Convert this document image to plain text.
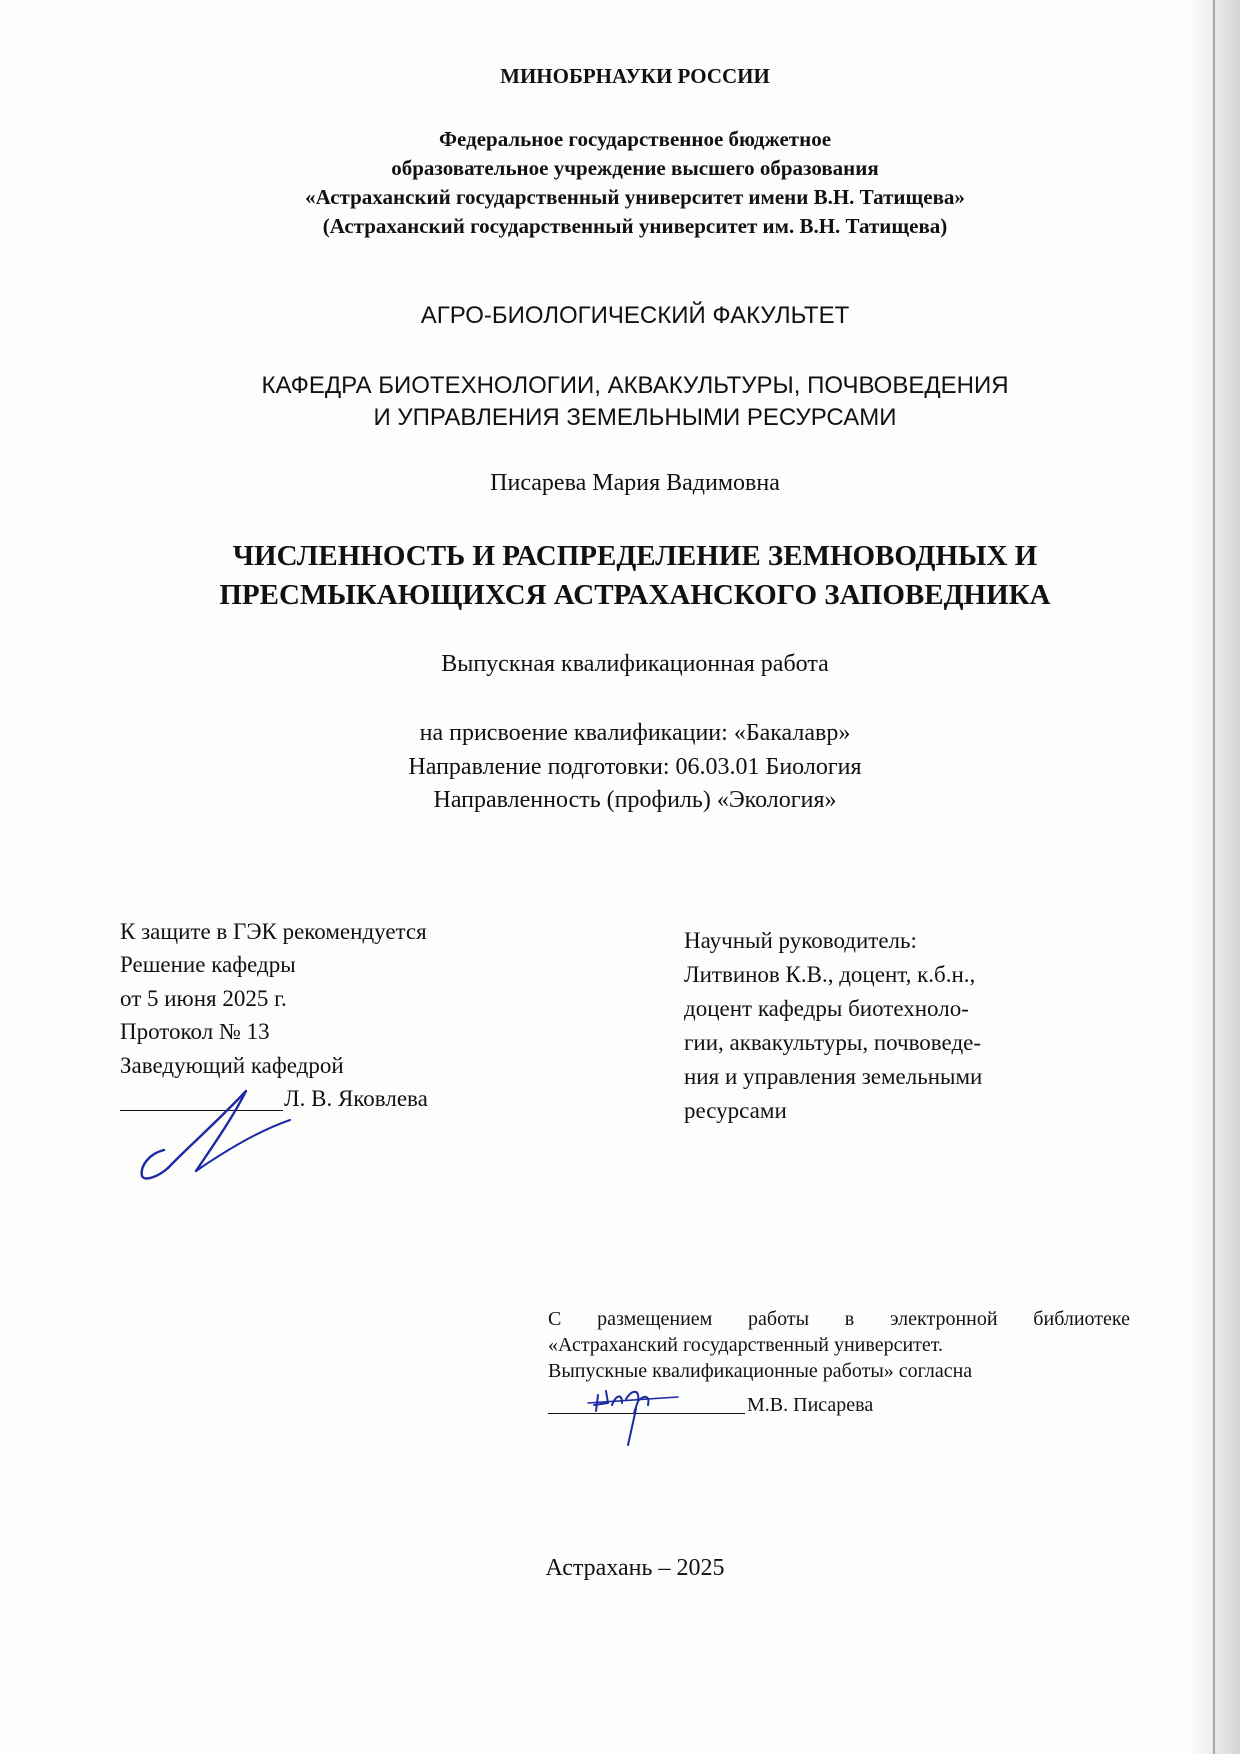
МИНОБРНАУКИ РОССИИ
Федеральное государственное бюджетное
образовательное учреждение высшего образования
«Астраханский государственный университет имени В.Н. Татищева»
(Астраханский государственный университет им. В.Н. Татищева)
АГРО-БИОЛОГИЧЕСКИЙ ФАКУЛЬТЕТ
КАФЕДРА БИОТЕХНОЛОГИИ, АКВАКУЛЬТУРЫ, ПОЧВОВЕДЕНИЯ
И УПРАВЛЕНИЯ ЗЕМЕЛЬНЫМИ РЕСУРСАМИ
Писарева Мария Вадимовна
ЧИСЛЕННОСТЬ И РАСПРЕДЕЛЕНИЕ ЗЕМНОВОДНЫХ И
ПРЕСМЫКАЮЩИХСЯ АСТРАХАНСКОГО ЗАПОВЕДНИКА
Выпускная квалификационная работа
на присвоение квалификации: «Бакалавр»
Направление подготовки: 06.03.01 Биология
Направленность (профиль) «Экология»
К защите в ГЭК рекомендуется
Решение кафедры
от 5 июня 2025 г.
Протокол № 13
Заведующий кафедрой
Л. В. Яковлева
Научный руководитель:
Литвинов К.В., доцент, к.б.н.,
доцент кафедры биотехноло-
гии, аквакультуры, почвоведе-
ния и управления земельными
ресурсами
С размещением работы в электронной библиотеке
«Астраханский государственный университет.
Выпускные квалификационные работы» согласна
М.В. Писарева
Астрахань – 2025
